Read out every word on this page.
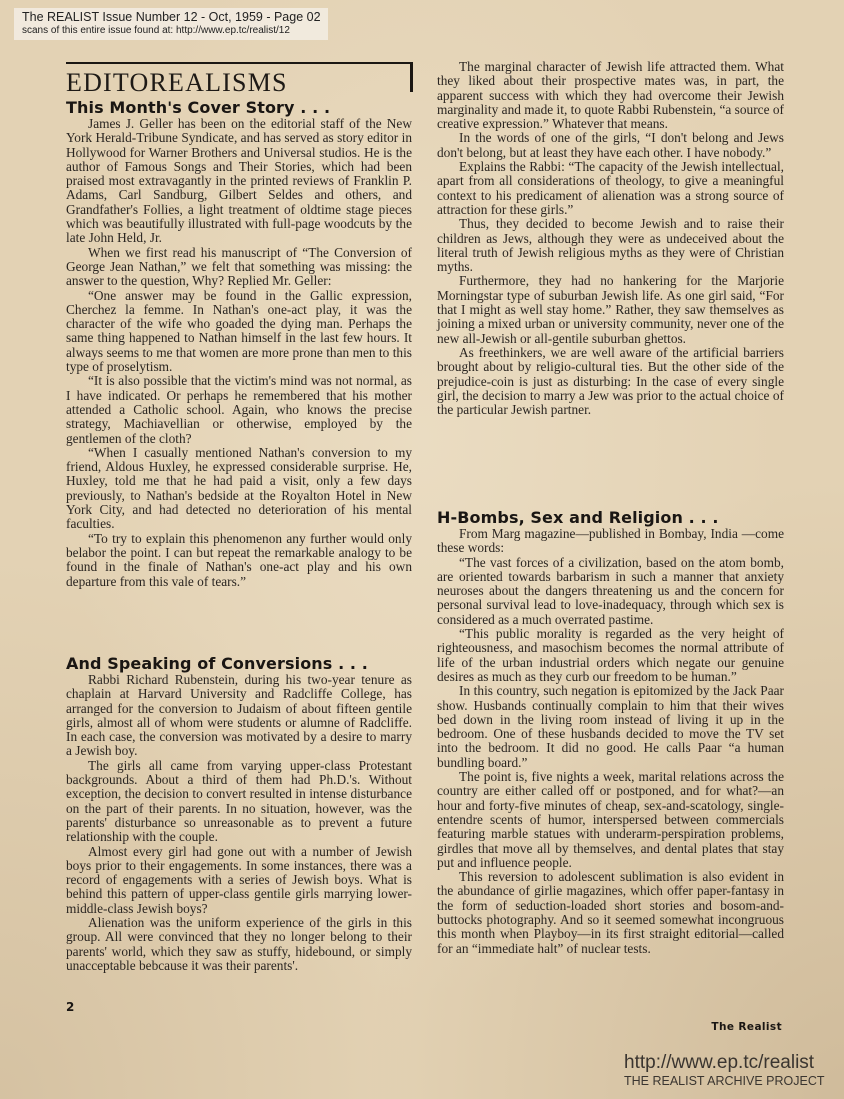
The REALIST Issue Number 12 - Oct, 1959 - Page 02
scans of this entire issue found at: http://www.ep.tc/realist/12
EDITOREALISMS
This Month's Cover Story . . .

James J. Geller has been on the editorial staff of the New York Herald-Tribune Syndicate, and has served as story editor in Hollywood for Warner Brothers and Universal studios. He is the author of Famous Songs and Their Stories, which had been praised most extravagantly in the printed reviews of Franklin P. Adams, Carl Sandburg, Gilbert Seldes and others, and Grandfather's Follies, a light treatment of oldtime stage pieces which was beautifully illustrated with full-page woodcuts by the late John Held, Jr.

When we first read his manuscript of “The Conversion of George Jean Nathan,” we felt that something was missing: the answer to the question, Why? Replied Mr. Geller:

“One answer may be found in the Gallic expression, Cherchez la femme. In Nathan's one-act play, it was the character of the wife who goaded the dying man. Perhaps the same thing happened to Nathan himself in the last few hours. It always seems to me that women are more prone than men to this type of proselytism.

“It is also possible that the victim's mind was not normal, as I have indicated. Or perhaps he remembered that his mother attended a Catholic school. Again, who knows the precise strategy, Machiavellian or otherwise, employed by the gentlemen of the cloth?

“When I casually mentioned Nathan's conversion to my friend, Aldous Huxley, he expressed considerable surprise. He, Huxley, told me that he had paid a visit, only a few days previously, to Nathan's bedside at the Royalton Hotel in New York City, and had detected no deterioration of his mental faculties.

“To try to explain this phenomenon any further would only belabor the point. I can but repeat the remarkable analogy to be found in the finale of Nathan's one-act play and his own departure from this vale of tears.”

And Speaking of Conversions . . .

Rabbi Richard Rubenstein, during his two-year tenure as chaplain at Harvard University and Radcliffe College, has arranged for the conversion to Judaism of about fifteen gentile girls, almost all of whom were students or alumne of Radcliffe. In each case, the conversion was motivated by a desire to marry a Jewish boy.

The girls all came from varying upper-class Protestant backgrounds. About a third of them had Ph.D.'s. Without exception, the decision to convert resulted in intense disturbance on the part of their parents. In no situation, however, was the parents' disturbance so unreasonable as to prevent a future relationship with the couple.

Almost every girl had gone out with a number of Jewish boys prior to their engagements. In some instances, there was a record of engagements with a series of Jewish boys. What is behind this pattern of upper-class gentile girls marrying lower-middle-class Jewish boys?

Alienation was the uniform experience of the girls in this group. All were convinced that they no longer belong to their parents' world, which they saw as stuffy, hidebound, or simply unacceptable bebcause it was their parents'.

The marginal character of Jewish life attracted them. What they liked about their prospective mates was, in part, the apparent success with which they had overcome their Jewish marginality and made it, to quote Rabbi Rubenstein, “a source of creative expression.” Whatever that means.

In the words of one of the girls, “I don't belong and Jews don't belong, but at least they have each other. I have nobody.”

Explains the Rabbi: “The capacity of the Jewish intellectual, apart from all considerations of theology, to give a meaningful context to his predicament of alienation was a strong source of attraction for these girls.”

Thus, they decided to become Jewish and to raise their children as Jews, although they were as undeceived about the literal truth of Jewish religious myths as they were of Christian myths.

Furthermore, they had no hankering for the Marjorie Morningstar type of suburban Jewish life. As one girl said, “For that I might as well stay home.” Rather, they saw themselves as joining a mixed urban or university community, never one of the new all-Jewish or all-gentile suburban ghettos.

As freethinkers, we are well aware of the artificial barriers brought about by religio-cultural ties. But the other side of the prejudice-coin is just as disturbing: In the case of every single girl, the decision to marry a Jew was prior to the actual choice of the particular Jewish partner.

H-Bombs, Sex and Religion . . .

From Marg magazine—published in Bombay, India —come these words:

“The vast forces of a civilization, based on the atom bomb, are oriented towards barbarism in such a manner that anxiety neuroses about the dangers threatening us and the concern for personal survival lead to love-inadequacy, through which sex is considered as a much overrated pastime.

“This public morality is regarded as the very height of righteousness, and masochism becomes the normal attribute of life of the urban industrial orders which negate our genuine desires as much as they curb our freedom to be human.”

In this country, such negation is epitomized by the Jack Paar show. Husbands continually complain to him that their wives bed down in the living room instead of living it up in the bedroom. One of these husbands decided to move the TV set into the bedroom. It did no good. He calls Paar “a human bundling board.”

The point is, five nights a week, marital relations across the country are either called off or postponed, and for what?—an hour and forty-five minutes of cheap, sex-and-scatology, single-entendre scents of humor, interspersed between commercials featuring marble statues with underarm-perspiration problems, girdles that move all by themselves, and dental plates that stay put and influence people.

This reversion to adolescent sublimation is also evident in the abundance of girlie magazines, which offer paper-fantasy in the form of seduction-loaded short stories and bosom-and-buttocks photography. And so it seemed somewhat incongruous this month when Playboy—in its first straight editorial—called for an “immediate halt” of nuclear tests.

2
The Realist
http://www.ep.tc/realist
THE REALIST ARCHIVE PROJECT
